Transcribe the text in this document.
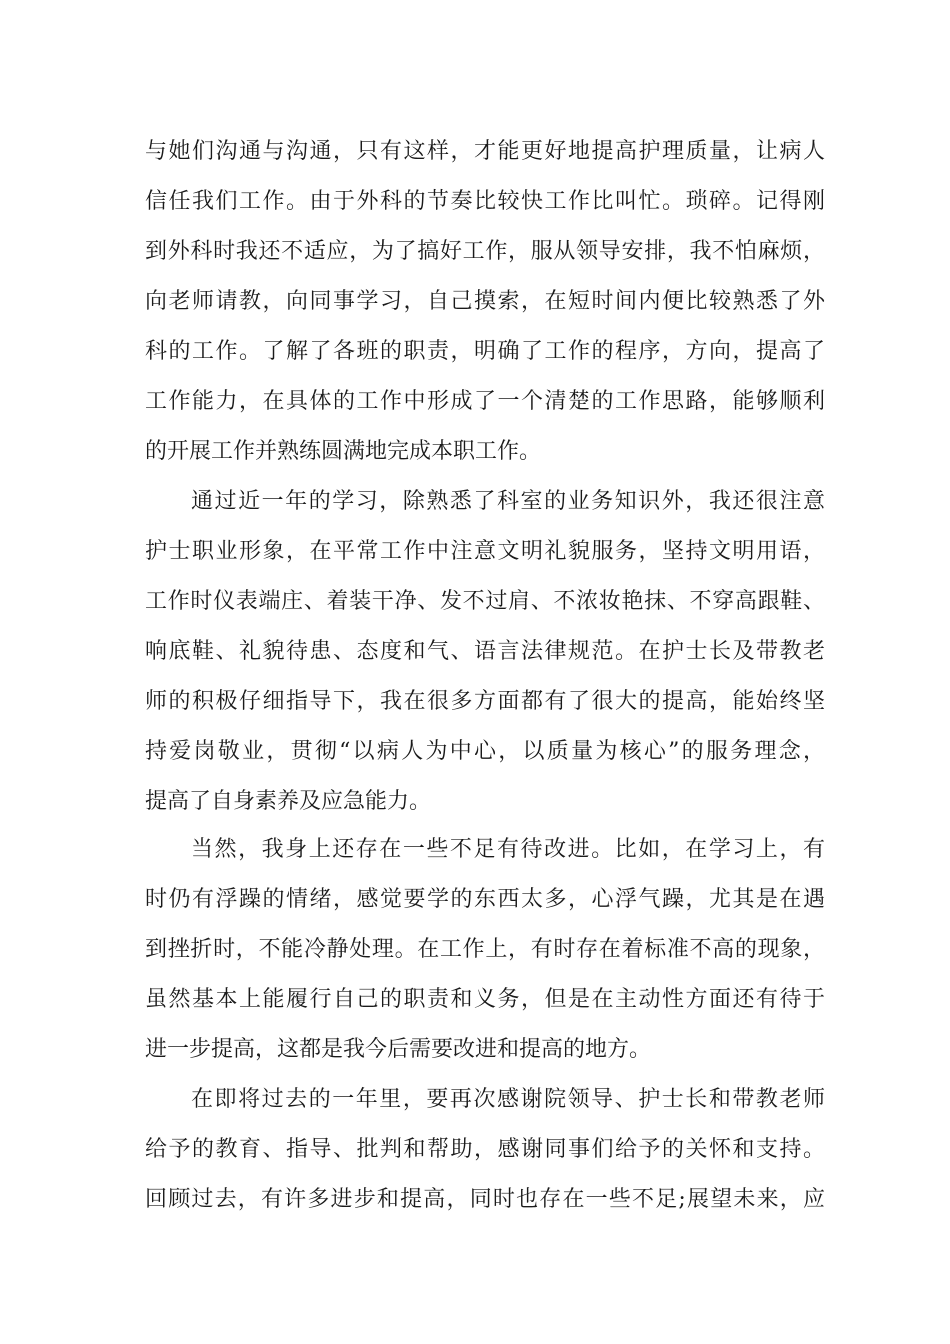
与她们沟通与沟通，只有这样，才能更好地提高护理质量，让病人
信任我们工作。由于外科的节奏比较快工作比叫忙。琐碎。记得刚
到外科时我还不适应，为了搞好工作，服从领导安排，我不怕麻烦，
向老师请教，向同事学习，自己摸索，在短时间内便比较熟悉了外
科的工作。了解了各班的职责，明确了工作的程序，方向，提高了
工作能力，在具体的工作中形成了一个清楚的工作思路，能够顺利
的开展工作并熟练圆满地完成本职工作。
通过近一年的学习，除熟悉了科室的业务知识外，我还很注意
护士职业形象，在平常工作中注意文明礼貌服务，坚持文明用语，
工作时仪表端庄、着装干净、发不过肩、不浓妆艳抹、不穿高跟鞋、
响底鞋、礼貌待患、态度和气、语言法律规范。在护士长及带教老
师的积极仔细指导下，我在很多方面都有了很大的提高，能始终坚
持爱岗敬业，贯彻“以病人为中心，以质量为核心”的服务理念，
提高了自身素养及应急能力。
当然，我身上还存在一些不足有待改进。比如，在学习上，有
时仍有浮躁的情绪，感觉要学的东西太多，心浮气躁，尤其是在遇
到挫折时，不能冷静处理。在工作上，有时存在着标准不高的现象，
虽然基本上能履行自己的职责和义务，但是在主动性方面还有待于
进一步提高，这都是我今后需要改进和提高的地方。
在即将过去的一年里，要再次感谢院领导、护士长和带教老师
给予的教育、指导、批判和帮助，感谢同事们给予的关怀和支持。
回顾过去，有许多进步和提高，同时也存在一些不足;展望未来，应
